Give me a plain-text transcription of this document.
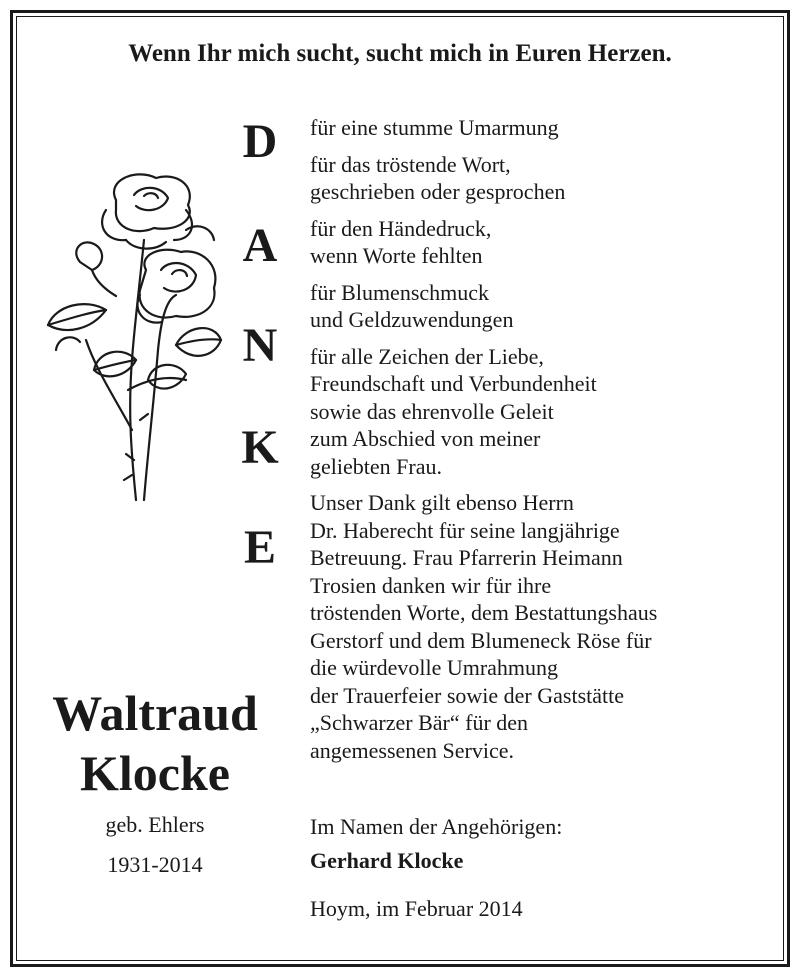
Wenn Ihr mich sucht, sucht mich in Euren Herzen.
D
A
N
K
E

für eine stumme Umarmung

für das tröstende Wort,
geschrieben oder gesprochen

für den Händedruck,
wenn Worte fehlten

für Blumenschmuck
und Geldzuwendungen

für alle Zeichen der Liebe,
Freundschaft und Verbundenheit
sowie das ehrenvolle Geleit
zum Abschied von meiner
geliebten Frau.

Unser Dank gilt ebenso Herrn
Dr. Haberecht für seine langjährige
Betreuung. Frau Pfarrerin Heimann
Trosien danken wir für ihre
tröstenden Worte, dem Bestattungshaus
Gerstorf und dem Blumeneck Röse für
die würdevolle Umrahmung
der Trauerfeier sowie der Gaststätte
„Schwarzer Bär“ für den
angemessenen Service.

Waltraud
Klocke
geb. Ehlers
1931-2014
Im Namen der Angehörigen:
Gerhard Klocke
Hoym, im Februar 2014
